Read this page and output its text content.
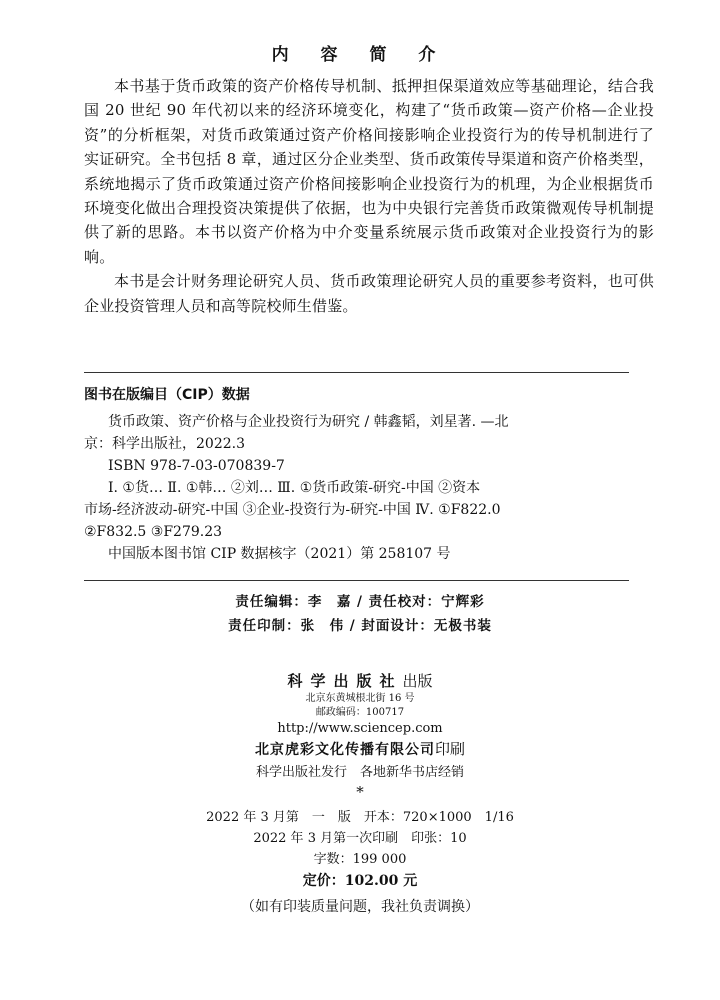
内 容 简 介

本书基于货币政策的资产价格传导机制、抵押担保渠道效应等基础理论，结合我国 20 世纪 90 年代初以来的经济环境变化，构建了“货币政策—资产价格—企业投资”的分析框架，对货币政策通过资产价格间接影响企业投资行为的传导机制进行了实证研究。全书包括 8 章，通过区分企业类型、货币政策传导渠道和资产价格类型，系统地揭示了货币政策通过资产价格间接影响企业投资行为的机理，为企业根据货币环境变化做出合理投资决策提供了依据，也为中央银行完善货币政策微观传导机制提供了新的思路。本书以资产价格为中介变量系统展示货币政策对企业投资行为的影响。

本书是会计财务理论研究人员、货币政策理论研究人员的重要参考资料，也可供企业投资管理人员和高等院校师生借鉴。

图书在版编目（CIP）数据
货币政策、资产价格与企业投资行为研究 / 韩鑫韬，刘星著. —北
京：科学出版社，2022.3
ISBN 978-7-03-070839-7
Ⅰ. ①货… Ⅱ. ①韩… ②刘… Ⅲ. ①货币政策-研究-中国 ②资本
市场-经济波动-研究-中国 ③企业-投资行为-研究-中国 Ⅳ. ①F822.0
②F832.5 ③F279.23
中国版本图书馆 CIP 数据核字（2021）第 258107 号
责任编辑：李　嘉 / 责任校对：宁辉彩
责任印制：张　伟 / 封面设计：无极书装
科学出版社出版
北京东黄城根北街 16 号
邮政编码：100717
http://www.sciencep.com
北京虎彩文化传播有限公司印刷
科学出版社发行　各地新华书店经销
*
2022 年 3 月第　一　版　开本：720×1000　1/16
2022 年 3 月第一次印刷　印张：10
字数：199 000
定价：102.00 元
（如有印装质量问题，我社负责调换）
